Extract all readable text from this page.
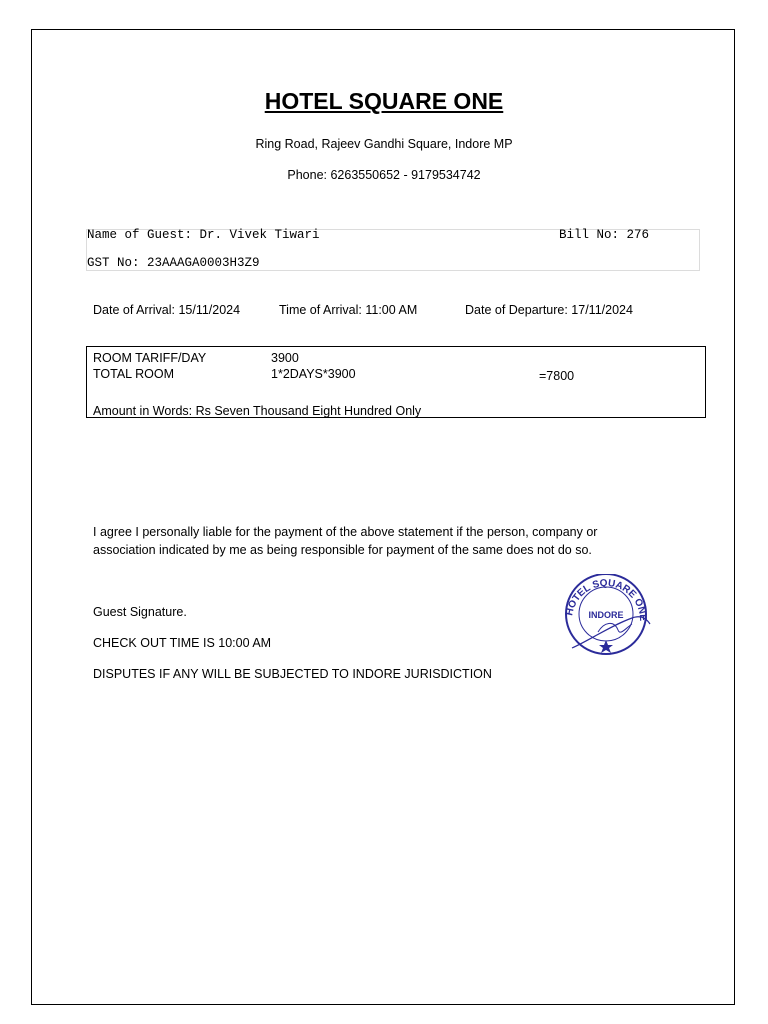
HOTEL SQUARE ONE
Ring Road, Rajeev Gandhi Square, Indore MP
Phone: 6263550652 - 9179534742
Name of Guest: Dr. Vivek Tiwari	Bill No: 276
GST No: 23AAAGA0003H3Z9
Date of Arrival: 15/11/2024	Time of Arrival: 11:00 AM	Date of Departure: 17/11/2024
ROOM TARIFF/DAY	3900
TOTAL ROOM	1*2DAYS*3900	=7800
Amount in Words: Rs Seven Thousand Eight Hundred Only
I agree I personally liable for the payment of the above statement if the person, company or
association indicated by me as being responsible for payment of the same does not do so.
Guest Signature.
CHECK OUT TIME IS 10:00 AM
DISPUTES IF ANY WILL BE SUBJECTED TO INDORE JURISDICTION
HOTEL SQUARE ONE
INDORE
